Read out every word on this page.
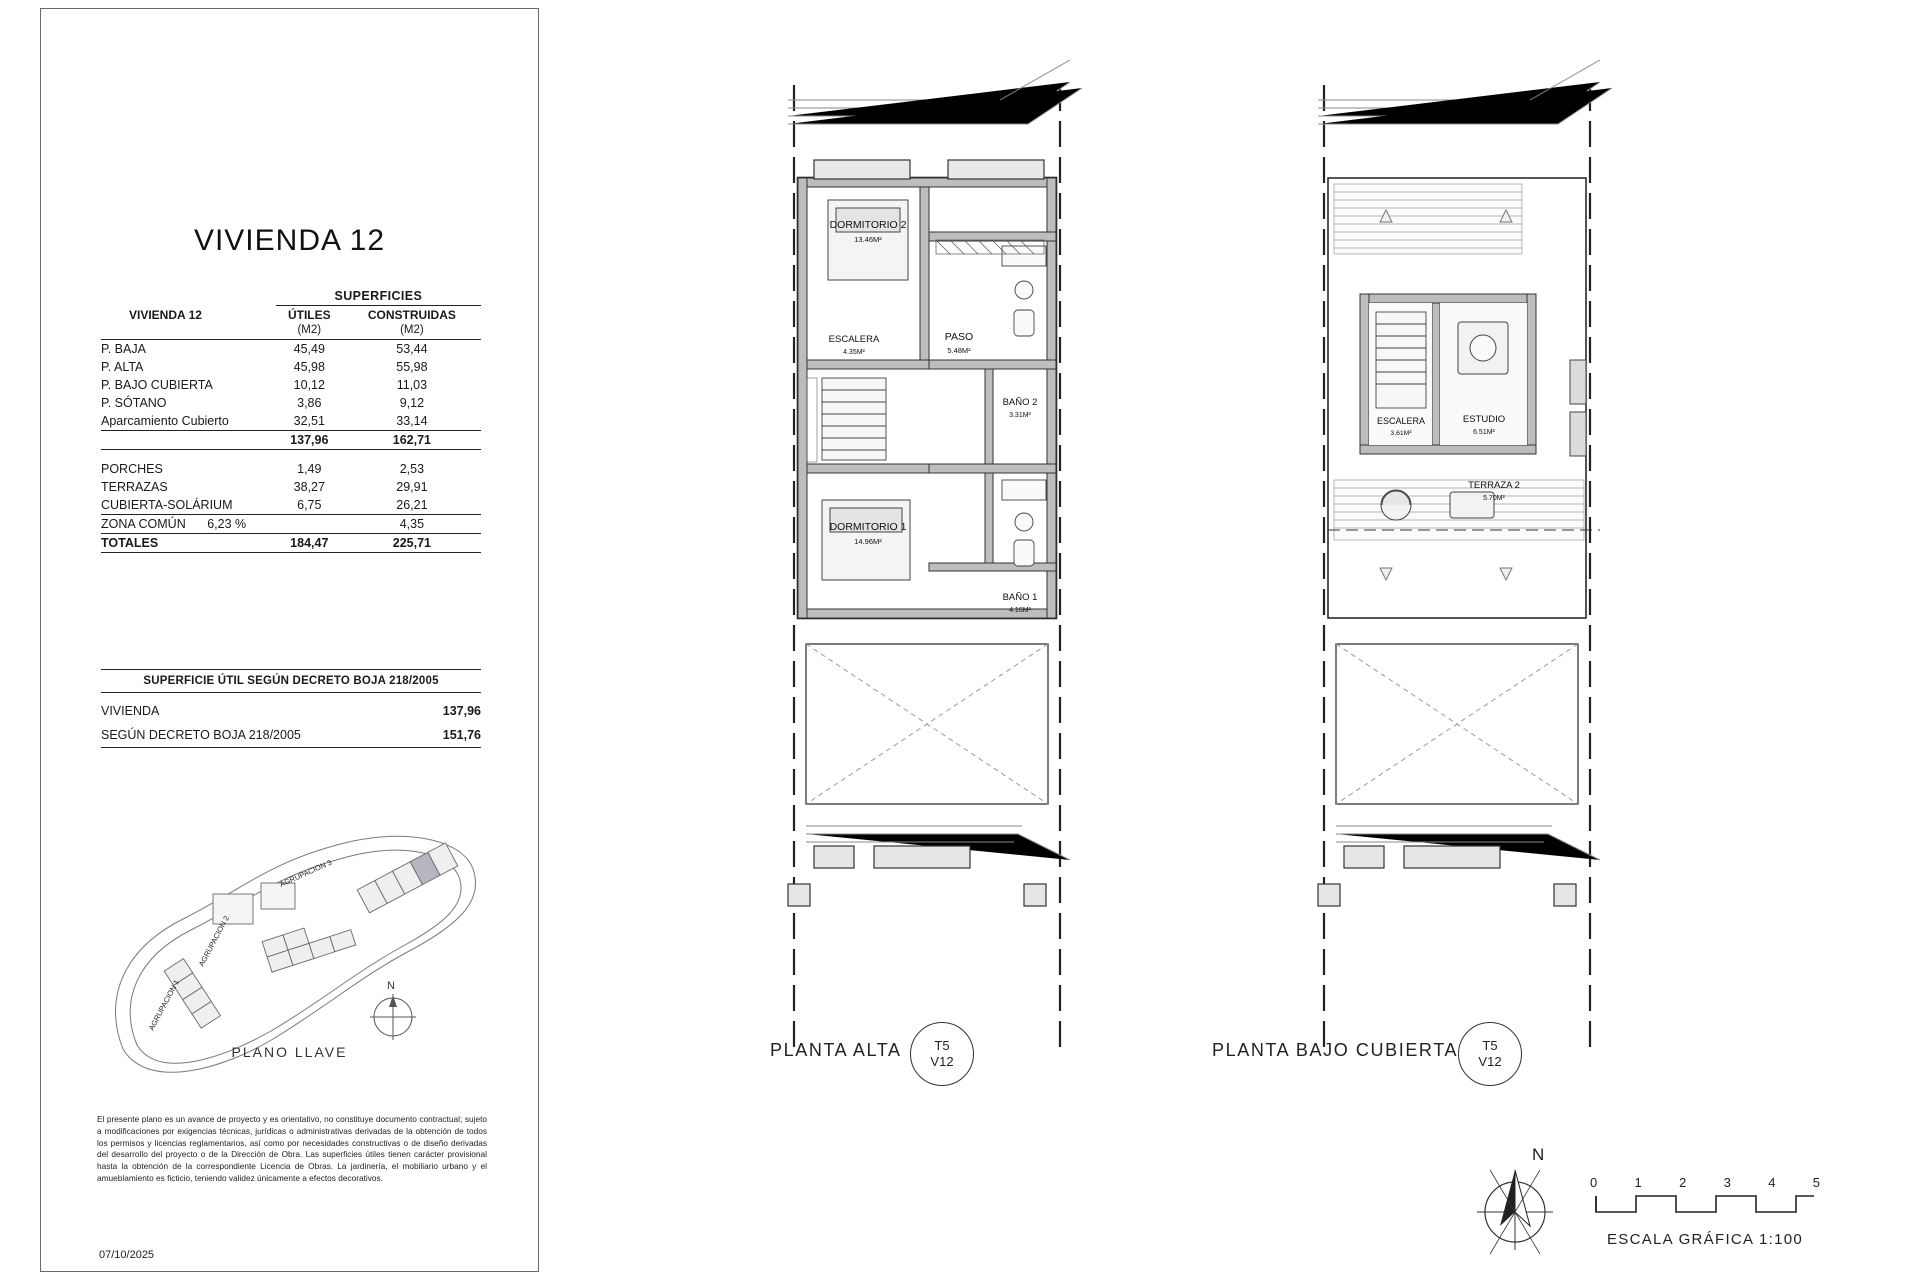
VIVIENDA 12
	SUPERFICIES	
VIVIENDA 12	ÚTILES	CONSTRUIDAS
	(M2)	(M2)
P. BAJA	45,49	53,44
P. ALTA	45,98	55,98
P. BAJO CUBIERTA	10,12	11,03
P. SÓTANO	3,86	9,12
Aparcamiento Cubierto	32,51	33,14
	137,96	162,71

PORCHES	1,49	2,53
TERRAZAS	38,27	29,91
CUBIERTA-SOLÁRIUM	6,75	26,21
ZONA COMÚN 6,23 %		4,35
TOTALES	184,47	225,71
SUPERFICIE ÚTIL SEGÚN DECRETO BOJA 218/2005
VIVIENDA	137,96
SEGÚN DECRETO BOJA 218/2005	151,76
AGRUPACION 1
AGRUPACION 2
AGRUPACION 3
N
PLANO LLAVE
El presente plano es un avance de proyecto y es orientativo, no constituye documento contractual; sujeto a modificaciones por exigencias técnicas, jurídicas o administrativas derivadas de la obtención de todos los permisos y licencias reglamentarios, así como por necesidades constructivas o de diseño derivadas del desarrollo del proyecto o de la Dirección de Obra. Las superficies útiles tienen carácter provisional hasta la obtención de la correspondiente Licencia de Obras. La jardinería, el mobiliario urbano y el amueblamiento es ficticio, teniendo validez únicamente a efectos decorativos.
07/10/2025
DORMITORIO 2
13.46M²
ESCALERA
4.35M²
PASO
5.48M²
BAÑO 2
3.31M²
DORMITORIO 1
14.96M²
BAÑO 1
4.16M²
PLANTA ALTA	T5
V12
ESCALERA
3,61M²
ESTUDIO
6.51M²
TERRAZA 2
5.70M²
PLANTA BAJO CUBIERTA T5
V12
N
0	1	2	3	4	5
ESCALA GRÁFICA 1:100
